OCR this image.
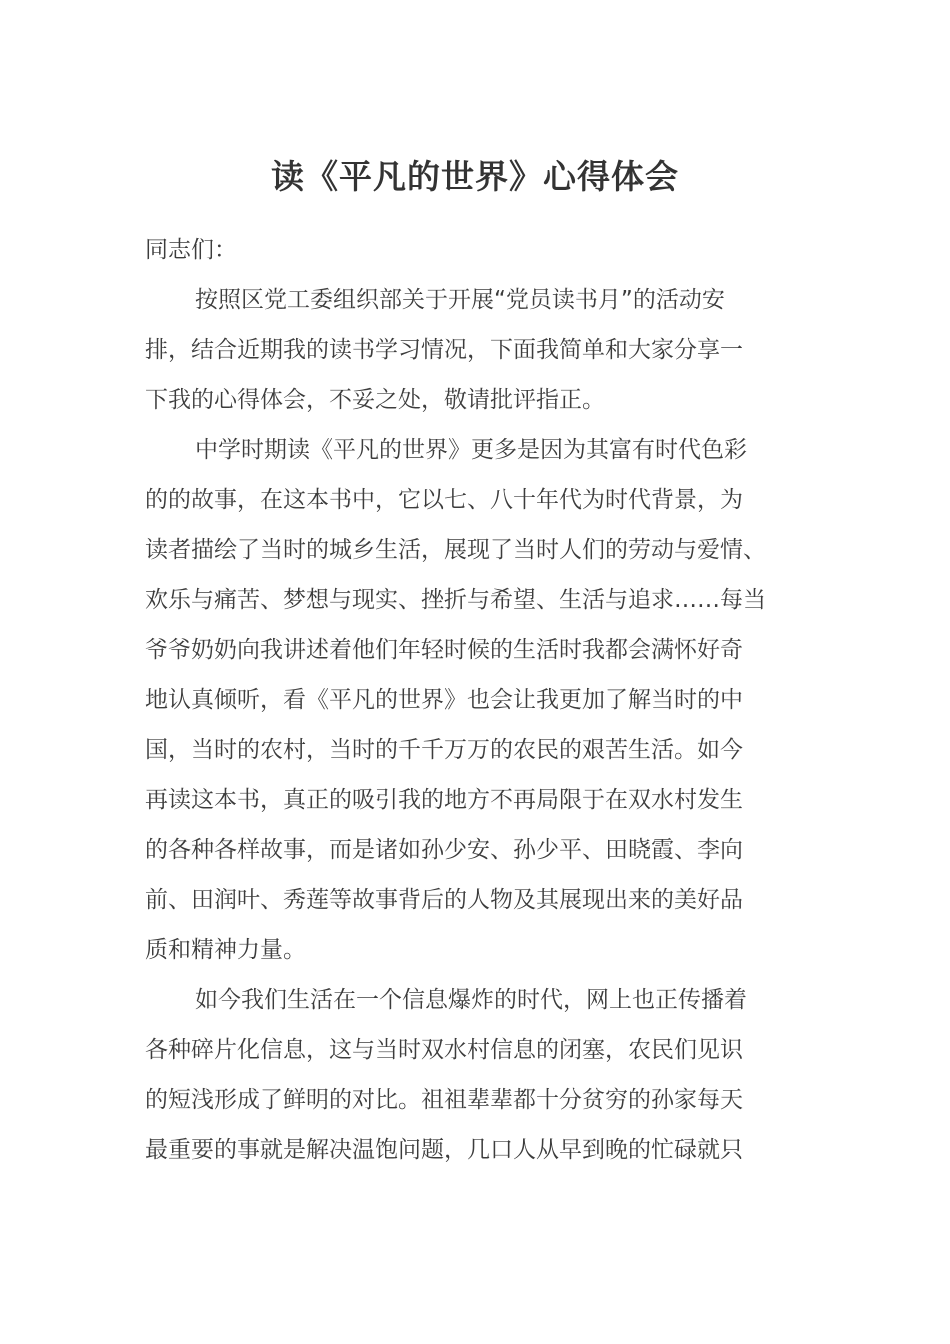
读《平凡的世界》心得体会
同志们：
按照区党工委组织部关于开展“党员读书月”的活动安
排，结合近期我的读书学习情况，下面我简单和大家分享一
下我的心得体会，不妥之处，敬请批评指正。
中学时期读《平凡的世界》更多是因为其富有时代色彩
的的故事，在这本书中，它以七、八十年代为时代背景，为
读者描绘了当时的城乡生活，展现了当时人们的劳动与爱情、
欢乐与痛苦、梦想与现实、挫折与希望、生活与追求……每当
爷爷奶奶向我讲述着他们年轻时候的生活时我都会满怀好奇
地认真倾听，看《平凡的世界》也会让我更加了解当时的中
国，当时的农村，当时的千千万万的农民的艰苦生活。如今
再读这本书，真正的吸引我的地方不再局限于在双水村发生
的各种各样故事，而是诸如孙少安、孙少平、田晓霞、李向
前、田润叶、秀莲等故事背后的人物及其展现出来的美好品
质和精神力量。
如今我们生活在一个信息爆炸的时代，网上也正传播着
各种碎片化信息，这与当时双水村信息的闭塞，农民们见识
的短浅形成了鲜明的对比。祖祖辈辈都十分贫穷的孙家每天
最重要的事就是解决温饱问题，几口人从早到晚的忙碌就只
